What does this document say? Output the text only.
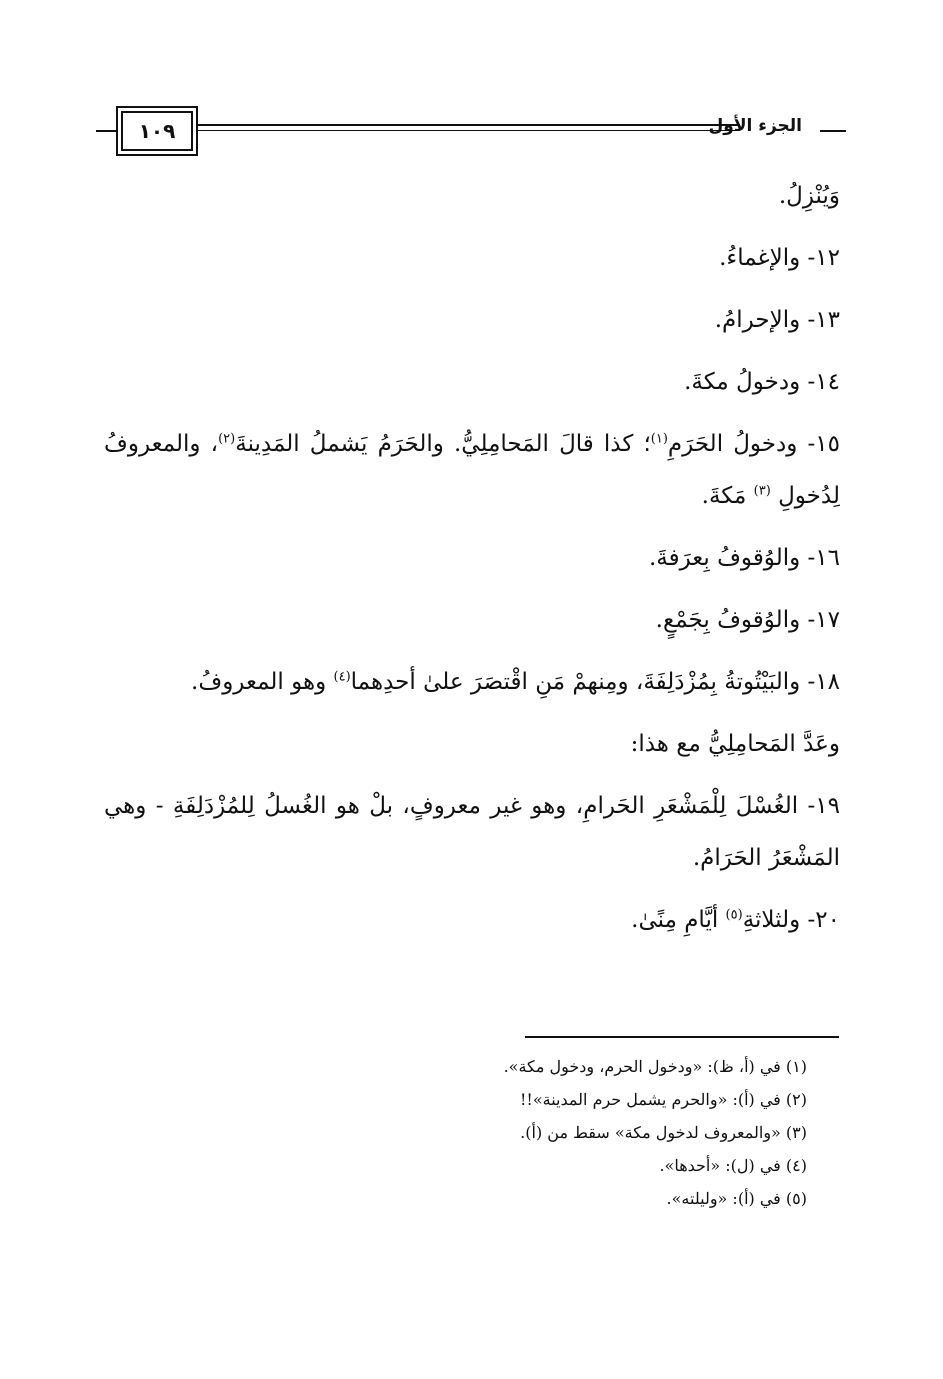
١٠٩	الجزء الأول

وَيُنْزِلُ.

١٢- والإغماءُ.

١٣- والإحرامُ.

١٤- ودخولُ مكةَ.

١٥- ودخولُ الحَرَمِ$^{(١)}$؛ كذا قالَ المَحامِلِيُّ. والحَرَمُ يَشملُ المَدِينةَ$^{(٢)}$، والمعروفُ لِدُخولِ $^{(٣)}$ مَكةَ.

١٦- والوُقوفُ بِعرَفةَ.

١٧- والوُقوفُ بِجَمْعٍ.

١٨- والبَيْتُوتةُ بِمُزْدَلِفَةَ، ومِنهمْ مَنِ اقْتصَرَ علىٰ أحدِهما$^{(٤)}$ وهو المعروفُ.

وعَدَّ المَحامِلِيُّ مع هذا:

١٩- الغُسْلَ لِلْمَشْعَرِ الحَرامِ، وهو غير معروفٍ، بلْ هو الغُسلُ لِلمُزْدَلِفَةِ - وهي المَشْعَرُ الحَرَامُ.

٢٠- ولثلاثةِ$^{(٥)}$ أيَّامِ مِنًىٰ.

(١) في (أ، ظ): «ودخول الحرم، ودخول مكة».

(٢) في (أ): «والحرم يشمل حرم المدينة»!!

(٣) «والمعروف لدخول مكة» سقط من (أ).

(٤) في (ل): «أحدها».

(٥) في (أ): «وليلته».
